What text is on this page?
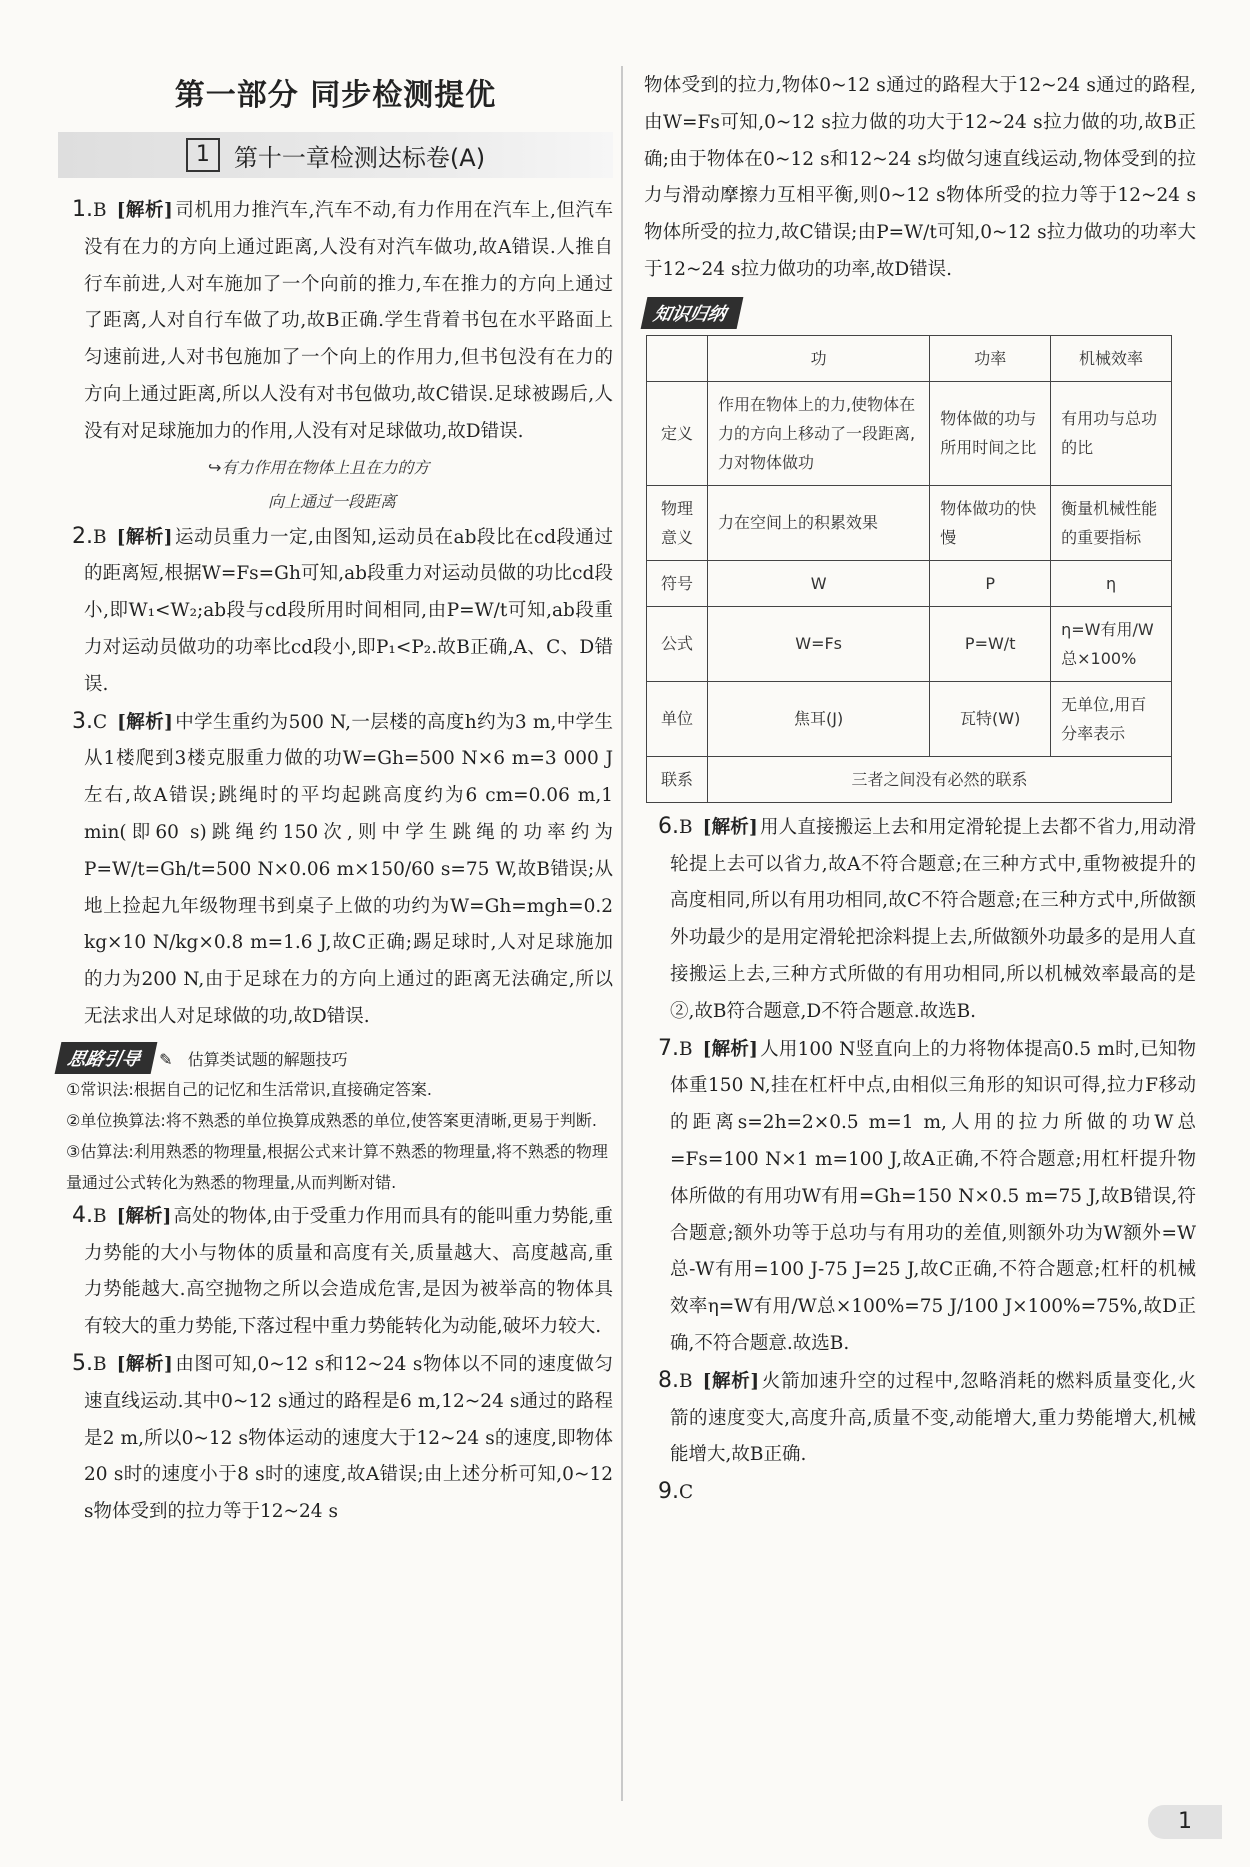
第一部分 同步检测提优
1	第十一章检测达标卷(A)
1.B [解析] 司机用力推汽车,汽车不动,有力作用在汽车上,但汽车没有在力的方向上通过距离,人没有对汽车做功,故A错误.人推自行车前进,人对车施加了一个向前的推力,车在推力的方向上通过了距离,人对自行车做了功,故B正确.学生背着书包在水平路面上匀速前进,人对书包施加了一个向上的作用力,但书包没有在力的方向上通过距离,所以人没有对书包做功,故C错误.足球被踢后,人没有对足球施加力的作用,人没有对足球做功,故D错误.
↪有力作用在物体上且在力的方
向上通过一段距离
2.B [解析] 运动员重力一定,由图知,运动员在ab段比在cd段通过的距离短,根据W=Fs=Gh可知,ab段重力对运动员做的功比cd段小,即W₁<W₂;ab段与cd段所用时间相同,由P=W/t可知,ab段重力对运动员做功的功率比cd段小,即P₁<P₂.故B正确,A、C、D错误.
3.C [解析] 中学生重约为500 N,一层楼的高度h约为3 m,中学生从1楼爬到3楼克服重力做的功W=Gh=500 N×6 m=3 000 J左右,故A错误;跳绳时的平均起跳高度约为6 cm=0.06 m,1 min(即60 s)跳绳约150次,则中学生跳绳的功率约为P=W/t=Gh/t=500 N×0.06 m×150/60 s=75 W,故B错误;从地上捡起九年级物理书到桌子上做的功约为W=Gh=mgh=0.2 kg×10 N/kg×0.8 m=1.6 J,故C正确;踢足球时,人对足球施加的力为200 N,由于足球在力的方向上通过的距离无法确定,所以无法求出人对足球做的功,故D错误.
思路引导 ✎ 估算类试题的解题技巧
①常识法:根据自己的记忆和生活常识,直接确定答案.
②单位换算法:将不熟悉的单位换算成熟悉的单位,使答案更清晰,更易于判断.
③估算法:利用熟悉的物理量,根据公式来计算不熟悉的物理量,将不熟悉的物理量通过公式转化为熟悉的物理量,从而判断对错.
4.B [解析] 高处的物体,由于受重力作用而具有的能叫重力势能,重力势能的大小与物体的质量和高度有关,质量越大、高度越高,重力势能越大.高空抛物之所以会造成危害,是因为被举高的物体具有较大的重力势能,下落过程中重力势能转化为动能,破坏力较大.
5.B [解析] 由图可知,0~12 s和12~24 s物体以不同的速度做匀速直线运动.其中0~12 s通过的路程是6 m,12~24 s通过的路程是2 m,所以0~12 s物体运动的速度大于12~24 s的速度,即物体20 s时的速度小于8 s时的速度,故A错误;由上述分析可知,0~12 s物体受到的拉力等于12~24 s
物体受到的拉力,物体0~12 s通过的路程大于12~24 s通过的路程,由W=Fs可知,0~12 s拉力做的功大于12~24 s拉力做的功,故B正确;由于物体在0~12 s和12~24 s均做匀速直线运动,物体受到的拉力与滑动摩擦力互相平衡,则0~12 s物体所受的拉力等于12~24 s物体所受的拉力,故C错误;由P=W/t可知,0~12 s拉力做功的功率大于12~24 s拉力做功的功率,故D错误.
知识归纳
	功	功率	机械效率
定义	作用在物体上的力,使物体在力的方向上移动了一段距离,力对物体做功	物体做的功与所用时间之比	有用功与总功的比
物理意义	力在空间上的积累效果	物体做功的快慢	衡量机械性能的重要指标
符号	W	P	η
公式	W=Fs	P=W/t	η=W有用/W总×100%
单位	焦耳(J)	瓦特(W)	无单位,用百分率表示
联系	三者之间没有必然的联系		
6.B [解析] 用人直接搬运上去和用定滑轮提上去都不省力,用动滑轮提上去可以省力,故A不符合题意;在三种方式中,重物被提升的高度相同,所以有用功相同,故C不符合题意;在三种方式中,所做额外功最少的是用定滑轮把涂料提上去,所做额外功最多的是用人直接搬运上去,三种方式所做的有用功相同,所以机械效率最高的是②,故B符合题意,D不符合题意.故选B.
7.B [解析] 人用100 N竖直向上的力将物体提高0.5 m时,已知物体重150 N,挂在杠杆中点,由相似三角形的知识可得,拉力F移动的距离s=2h=2×0.5 m=1 m,人用的拉力所做的功W总=Fs=100 N×1 m=100 J,故A正确,不符合题意;用杠杆提升物体所做的有用功W有用=Gh=150 N×0.5 m=75 J,故B错误,符合题意;额外功等于总功与有用功的差值,则额外功为W额外=W总-W有用=100 J-75 J=25 J,故C正确,不符合题意;杠杆的机械效率η=W有用/W总×100%=75 J/100 J×100%=75%,故D正确,不符合题意.故选B.
8.B [解析] 火箭加速升空的过程中,忽略消耗的燃料质量变化,火箭的速度变大,高度升高,质量不变,动能增大,重力势能增大,机械能增大,故B正确.
9.C
1
